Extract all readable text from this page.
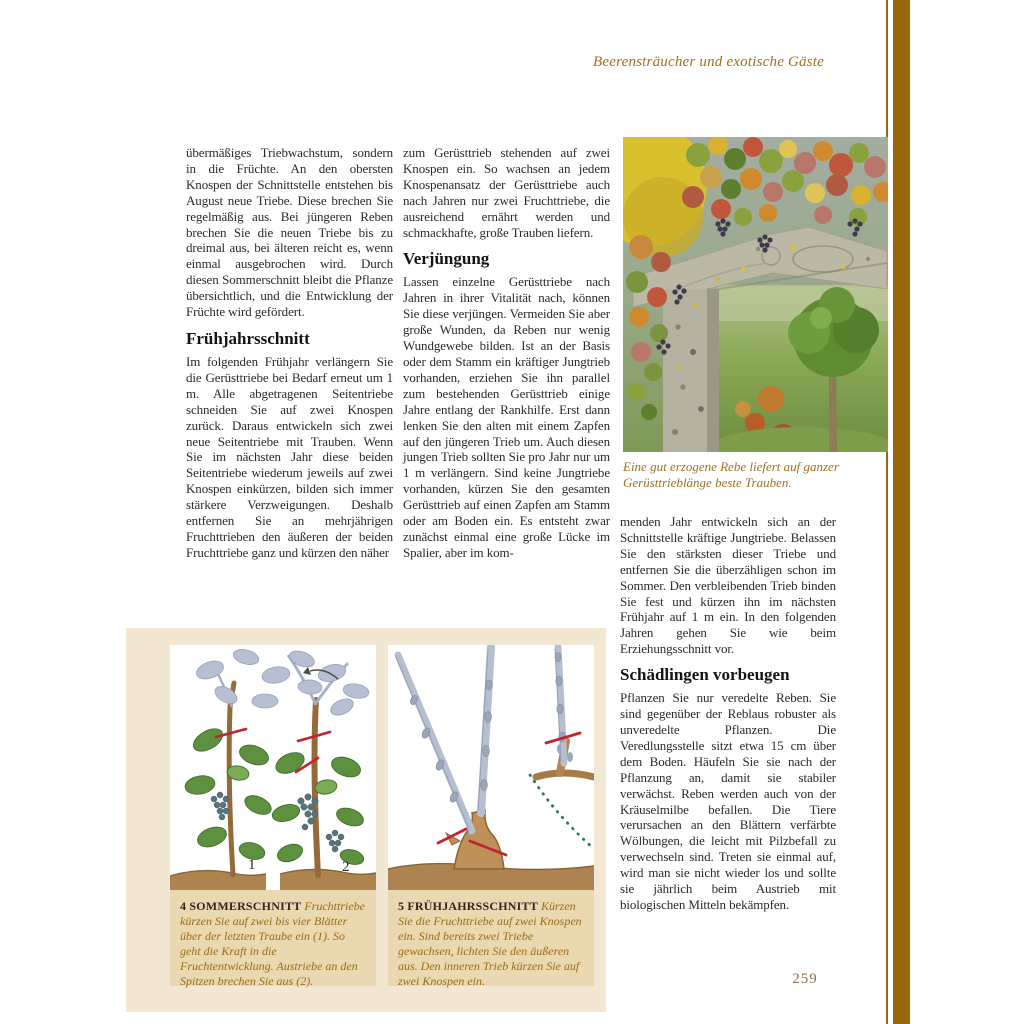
Beerensträucher und exotische Gäste

übermäßiges Triebwachstum, sondern in die Früchte. An den obersten Knospen der Schnittstelle entstehen bis August neue Triebe. Diese brechen Sie regelmäßig aus. Bei jüngeren Reben brechen Sie die neuen Triebe bis zu dreimal aus, bei älteren reicht es, wenn einmal ausgebrochen wird. Durch diesen Sommerschnitt bleibt die Pflanze übersichtlich, und die Entwicklung der Früchte wird gefördert.

Frühjahrsschnitt

Im folgenden Frühjahr verlängern Sie die Gerüsttriebe bei Bedarf erneut um 1 m. Alle abgetragenen Seitentriebe schneiden Sie auf zwei Knospen zurück. Daraus entwickeln sich zwei neue Seitentriebe mit Trauben. Wenn Sie im nächsten Jahr diese beiden Seitentriebe wiederum jeweils auf zwei Knospen einkürzen, bilden sich immer stärkere Verzweigungen. Deshalb entfernen Sie an mehrjährigen Fruchttrieben den äußeren der beiden Fruchttriebe ganz und kürzen den näher

zum Gerüsttrieb stehenden auf zwei Knospen ein. So wachsen an jedem Knospenansatz der Gerüsttriebe auch nach Jahren nur zwei Fruchttriebe, die ausreichend ernährt werden und schmackhafte, große Trauben liefern.

Verjüngung

Lassen einzelne Gerüsttriebe nach Jahren in ihrer Vitalität nach, können Sie diese verjüngen. Vermeiden Sie aber große Wunden, da Reben nur wenig Wundgewebe bilden. Ist an der Basis oder dem Stamm ein kräftiger Jungtrieb vorhanden, erziehen Sie ihn parallel zum bestehenden Gerüsttrieb einige Jahre entlang der Rankhilfe. Erst dann lenken Sie den alten mit einem Zapfen auf den jüngeren Trieb um. Auch diesen jungen Trieb sollten Sie pro Jahr nur um 1 m verlängern. Sind keine Jungtriebe vorhanden, kürzen Sie den gesamten Gerüsttrieb auf einen Zapfen am Stamm oder am Boden ein. Es entsteht zwar zunächst einmal eine große Lücke im Spalier, aber im kom-

Eine gut erzogene Rebe liefert auf ganzer Gerüsttrieblänge beste Trauben.

menden Jahr entwickeln sich an der Schnittstelle kräftige Jungtriebe. Belassen Sie den stärksten dieser Triebe und entfernen Sie die überzähligen schon im Sommer. Den verbleibenden Trieb binden Sie fest und kürzen ihn im nächsten Frühjahr auf 1 m ein. In den folgenden Jahren gehen Sie wie beim Erziehungsschnitt vor.

Schädlingen vorbeugen

Pflanzen Sie nur veredelte Reben. Sie sind gegenüber der Reblaus robuster als unveredelte Pflanzen. Die Veredlungsstelle sitzt etwa 15 cm über dem Boden. Häufeln Sie sie nach der Pflanzung an, damit sie stabiler verwächst. Reben werden auch von der Kräuselmilbe befallen. Die Tiere verursachen an den Blättern verfärbte Wölbungen, die leicht mit Pilzbefall zu verwechseln sind. Treten sie einmal auf, wird man sie nicht wieder los und sollte sie jährlich beim Austrieb mit biologischen Mitteln bekämpfen.

1	2
4 SOMMERSCHNITT Fruchttriebe kürzen Sie auf zwei bis vier Blätter über der letzten Traube ein (1). So geht die Kraft in die Fruchtentwicklung. Austriebe an den Spitzen brechen Sie aus (2).
5 FRÜHJAHRSSCHNITT Kürzen Sie die Fruchttriebe auf zwei Knospen ein. Sind bereits zwei Triebe gewachsen, lichten Sie den äußeren aus. Den inneren Trieb kürzen Sie auf zwei Knospen ein.	259
